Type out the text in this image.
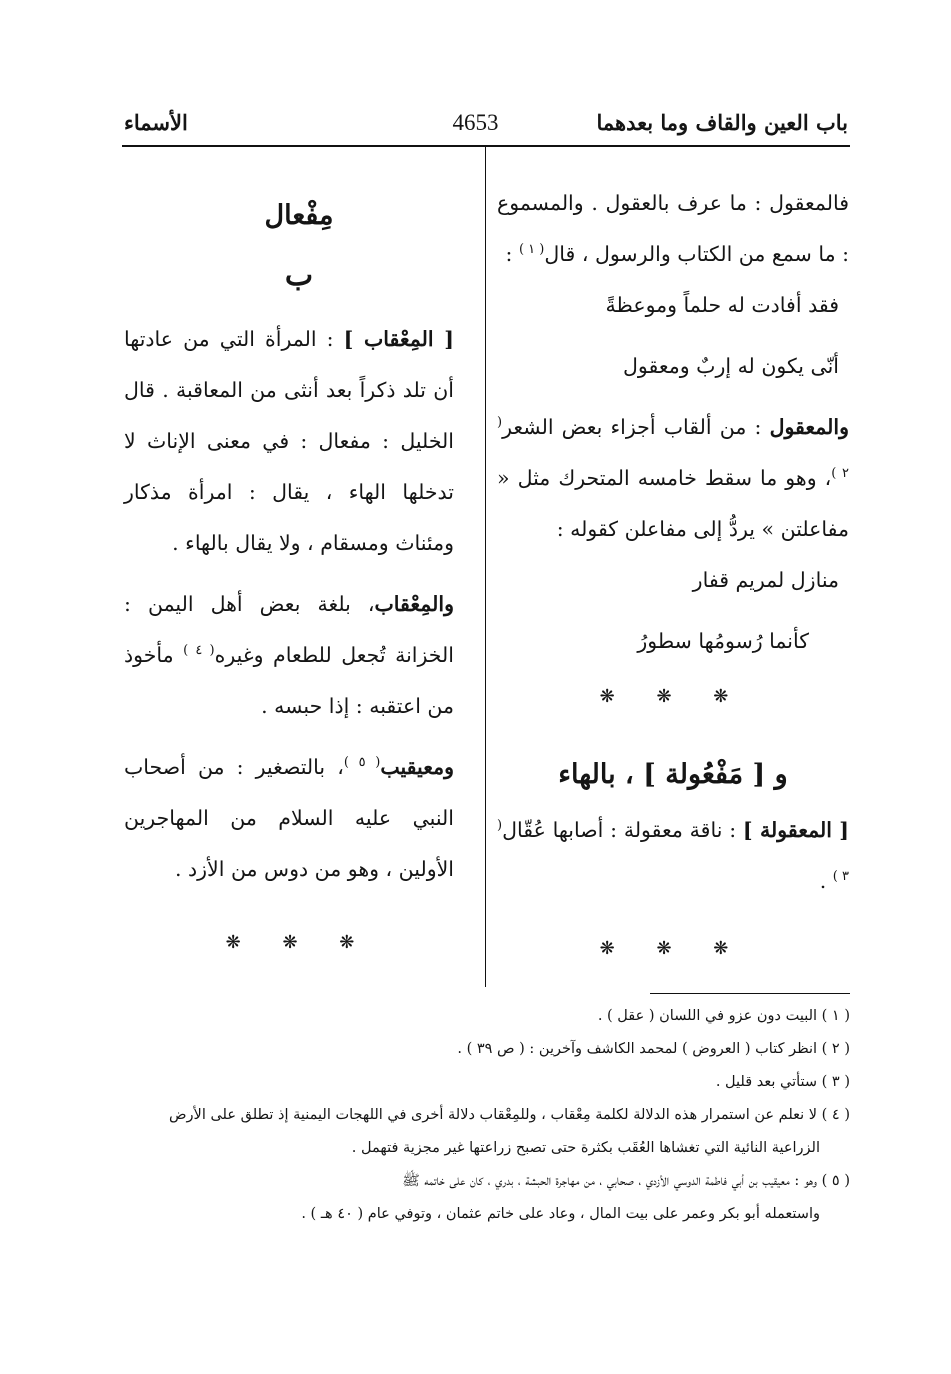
باب العين والقاف وما بعدهما
4653
الأسماء

فالمعقول : ما عرف بالعقول . والمسموع : ما سمع من الكتاب والرسول ، قال$^{( ١ )}$ :

فقد أفادت له حلماً وموعظةً

أنّى يكون له إربٌ ومعقول

والمعقول : من ألقاب أجزاء بعض الشعر$^{( ٢ )}$، وهو ما سقط خامسه المتحرك مثل « مفاعلتن » يردُّ إلى مفاعلن كقوله :

منازل لمريم قفار

كأنما رُسومُها سطورُ

❋ ❋ ❋

و [ مَفْعُولة ] ، بالهاء

[ المعقولة ] : ناقة معقولة : أصابها عُقّال$^{( ٣ )}$ .

❋ ❋ ❋

مِفْعال

ب

[ المِعْقاب ] : المرأة التي من عادتها أن تلد ذكراً بعد أنثى من المعاقبة . قال الخليل : مفعال : في معنى الإناث لا تدخلها الهاء ، يقال : امرأة مذكار ومئناث ومسقام ، ولا يقال بالهاء .

والمِعْقاب، بلغة بعض أهل اليمن : الخزانة تُجعل للطعام وغيره$^{( ٤ )}$ مأخوذ من اعتقبه : إذا حبسه .

ومعيقيب$^{( ٥ )}$، بالتصغير : من أصحاب النبي عليه السلام من المهاجرين الأولين ، وهو من دوس من الأزد .

❋ ❋ ❋

( ١ ) البيت دون عزو في اللسان ( عقل ) .

( ٢ ) انظر كتاب ( العروض ) لمحمد الكاشف وآخرين : ( ص ٣٩ ) .

( ٣ ) ستأتي بعد قليل .

( ٤ ) لا نعلم عن استمرار هذه الدلالة لكلمة مِعْقاب ، وللمِعْقاب دلالة أخرى في اللهجات اليمنية إذ تطلق على الأرض

الزراعية النائية التي تغشاها العُقَب بكثرة حتى تصبح زراعتها غير مجزية فتهمل .

( ٥ ) وهو : معيقيب بن أبي فاطمة الدوسي الأزدي ، صحابي ، من مهاجرة الحبشة ، بدري ، كان على خاتمه ﷺ

واستعمله أبو بكر وعمر على بيت المال ، وعاد على خاتم عثمان ، وتوفي عام ( ٤٠ هـ ) .
